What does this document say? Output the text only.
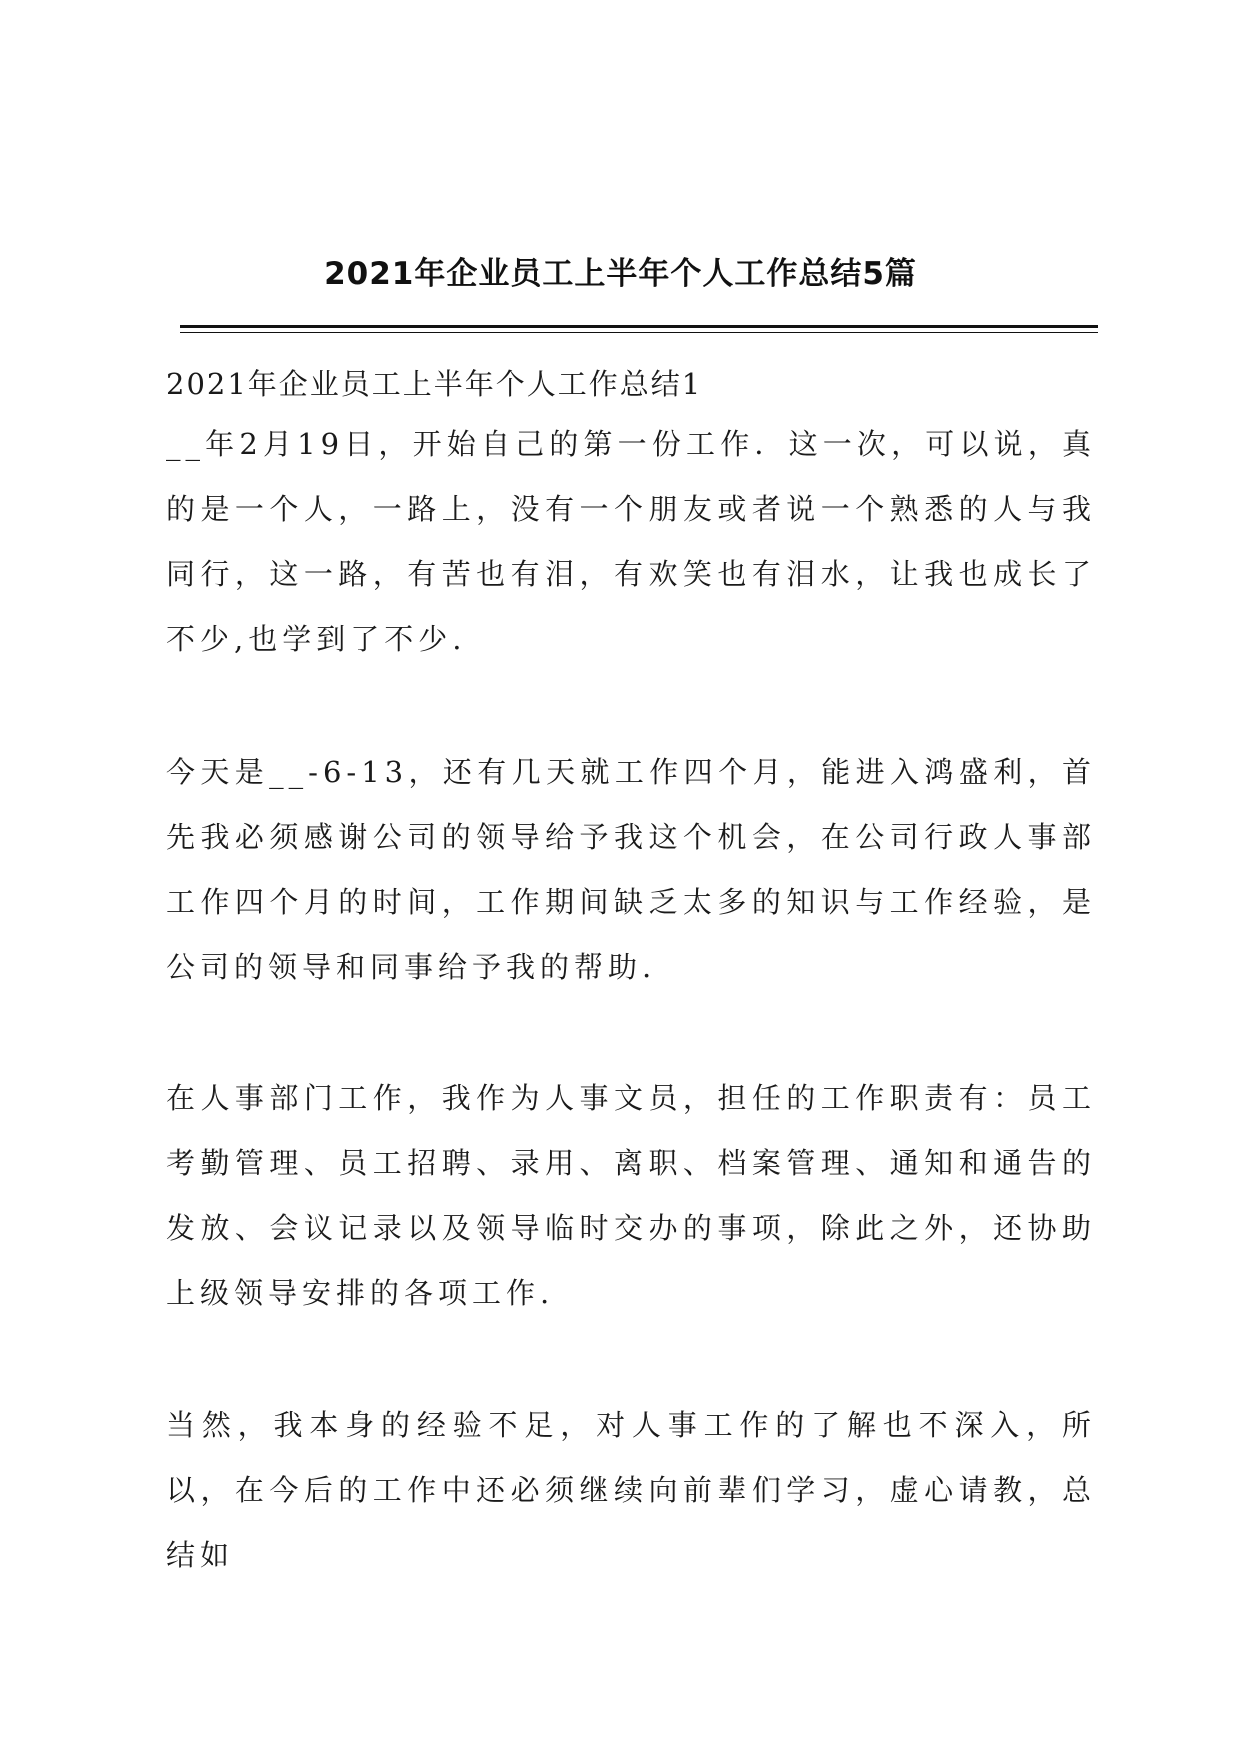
2021年企业员工上半年个人工作总结5篇

2021年企业员工上半年个人工作总结1

__年2月19日，开始自己的第一份工作．这一次，可以说，真的是一个人，一路上，没有一个朋友或者说一个熟悉的人与我同行，这一路，有苦也有泪，有欢笑也有泪水，让我也成长了不少,也学到了不少.

今天是__-6-13，还有几天就工作四个月，能进入鸿盛利，首先我必须感谢公司的领导给予我这个机会，在公司行政人事部工作四个月的时间，工作期间缺乏太多的知识与工作经验，是公司的领导和同事给予我的帮助.

在人事部门工作，我作为人事文员，担任的工作职责有：员工考勤管理、员工招聘、录用、离职、档案管理、通知和通告的发放、会议记录以及领导临时交办的事项，除此之外，还协助上级领导安排的各项工作.

当然，我本身的经验不足，对人事工作的了解也不深入，所以，在今后的工作中还必须继续向前辈们学习，虚心请教，总结如
